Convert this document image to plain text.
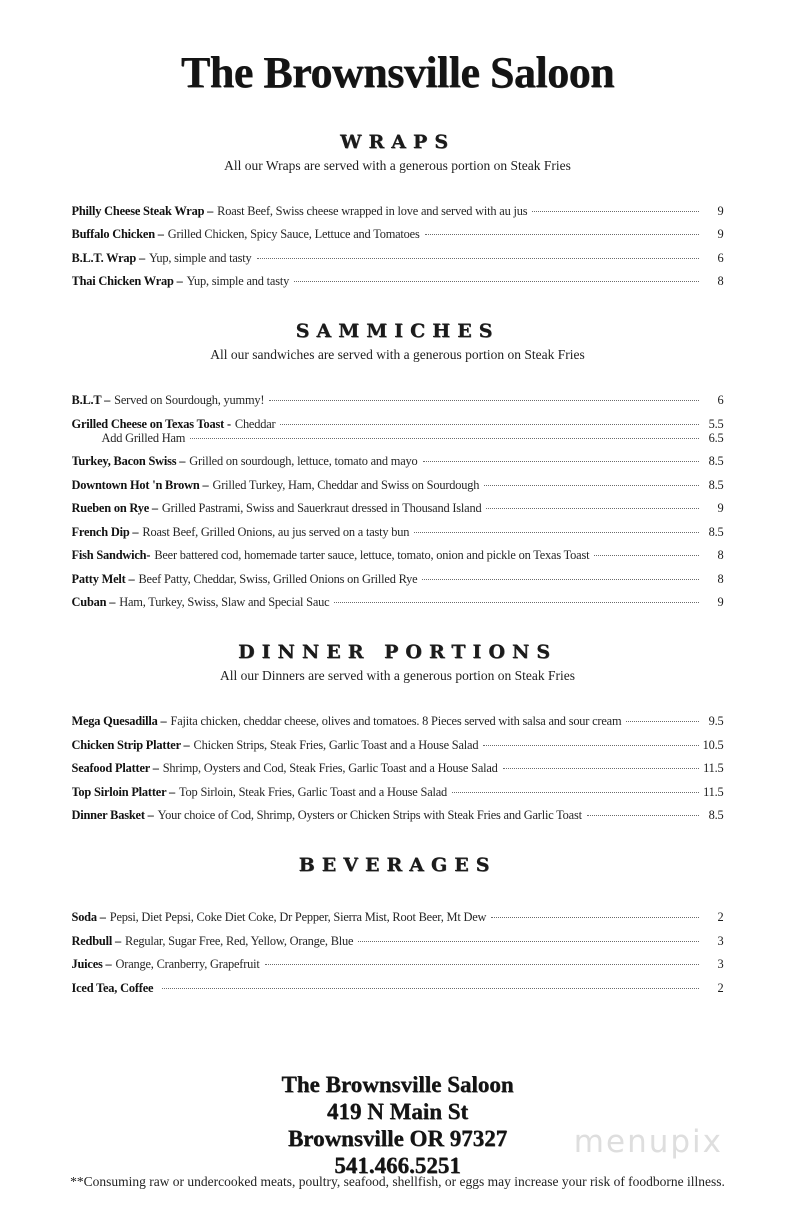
The Brownsville Saloon
WRAPS

All our Wraps are served with a generous portion on Steak Fries

Philly Cheese Steak Wrap – Roast Beef, Swiss cheese wrapped in love and served with au jus	9
Buffalo Chicken – Grilled Chicken, Spicy Sauce, Lettuce and Tomatoes	9
B.L.T. Wrap – Yup, simple and tasty	6
Thai Chicken Wrap – Yup, simple and tasty	8
SAMMICHES

All our sandwiches are served with a generous portion on Steak Fries

B.L.T – Served on Sourdough, yummy!	6
Grilled Cheese on Texas Toast - Cheddar	5.5
Add Grilled Ham	6.5
Turkey, Bacon Swiss – Grilled on sourdough, lettuce, tomato and mayo	8.5
Downtown Hot 'n Brown – Grilled Turkey, Ham, Cheddar and Swiss on Sourdough	8.5
Rueben on Rye – Grilled Pastrami, Swiss and Sauerkraut dressed in Thousand Island	9
French Dip – Roast Beef, Grilled Onions, au jus served on a tasty bun	8.5
Fish Sandwich- Beer battered cod, homemade tarter sauce, lettuce, tomato, onion and pickle on Texas Toast	8
Patty Melt – Beef Patty, Cheddar, Swiss, Grilled Onions on Grilled Rye	8
Cuban – Ham, Turkey, Swiss, Slaw and Special Sauc	9
DINNER PORTIONS

All our Dinners are served with a generous portion on Steak Fries

Mega Quesadilla – Fajita chicken, cheddar cheese, olives and tomatoes. 8 Pieces served with salsa and sour cream	9.5
Chicken Strip Platter – Chicken Strips, Steak Fries, Garlic Toast and a House Salad	10.5
Seafood Platter – Shrimp, Oysters and Cod, Steak Fries, Garlic Toast and a House Salad	11.5
Top Sirloin Platter – Top Sirloin, Steak Fries, Garlic Toast and a House Salad	11.5
Dinner Basket – Your choice of Cod, Shrimp, Oysters or Chicken Strips with Steak Fries and Garlic Toast	8.5
BEVERAGES

Soda – Pepsi, Diet Pepsi, Coke Diet Coke, Dr Pepper, Sierra Mist, Root Beer, Mt Dew	2
Redbull – Regular, Sugar Free, Red, Yellow, Orange, Blue	3
Juices – Orange, Cranberry, Grapefruit	3
Iced Tea, Coffee	2
The Brownsville Saloon
419 N Main St
Brownsville OR 97327
541.466.5251
menupix
**Consuming raw or undercooked meats, poultry, seafood, shellfish, or eggs may increase your risk of foodborne illness.
